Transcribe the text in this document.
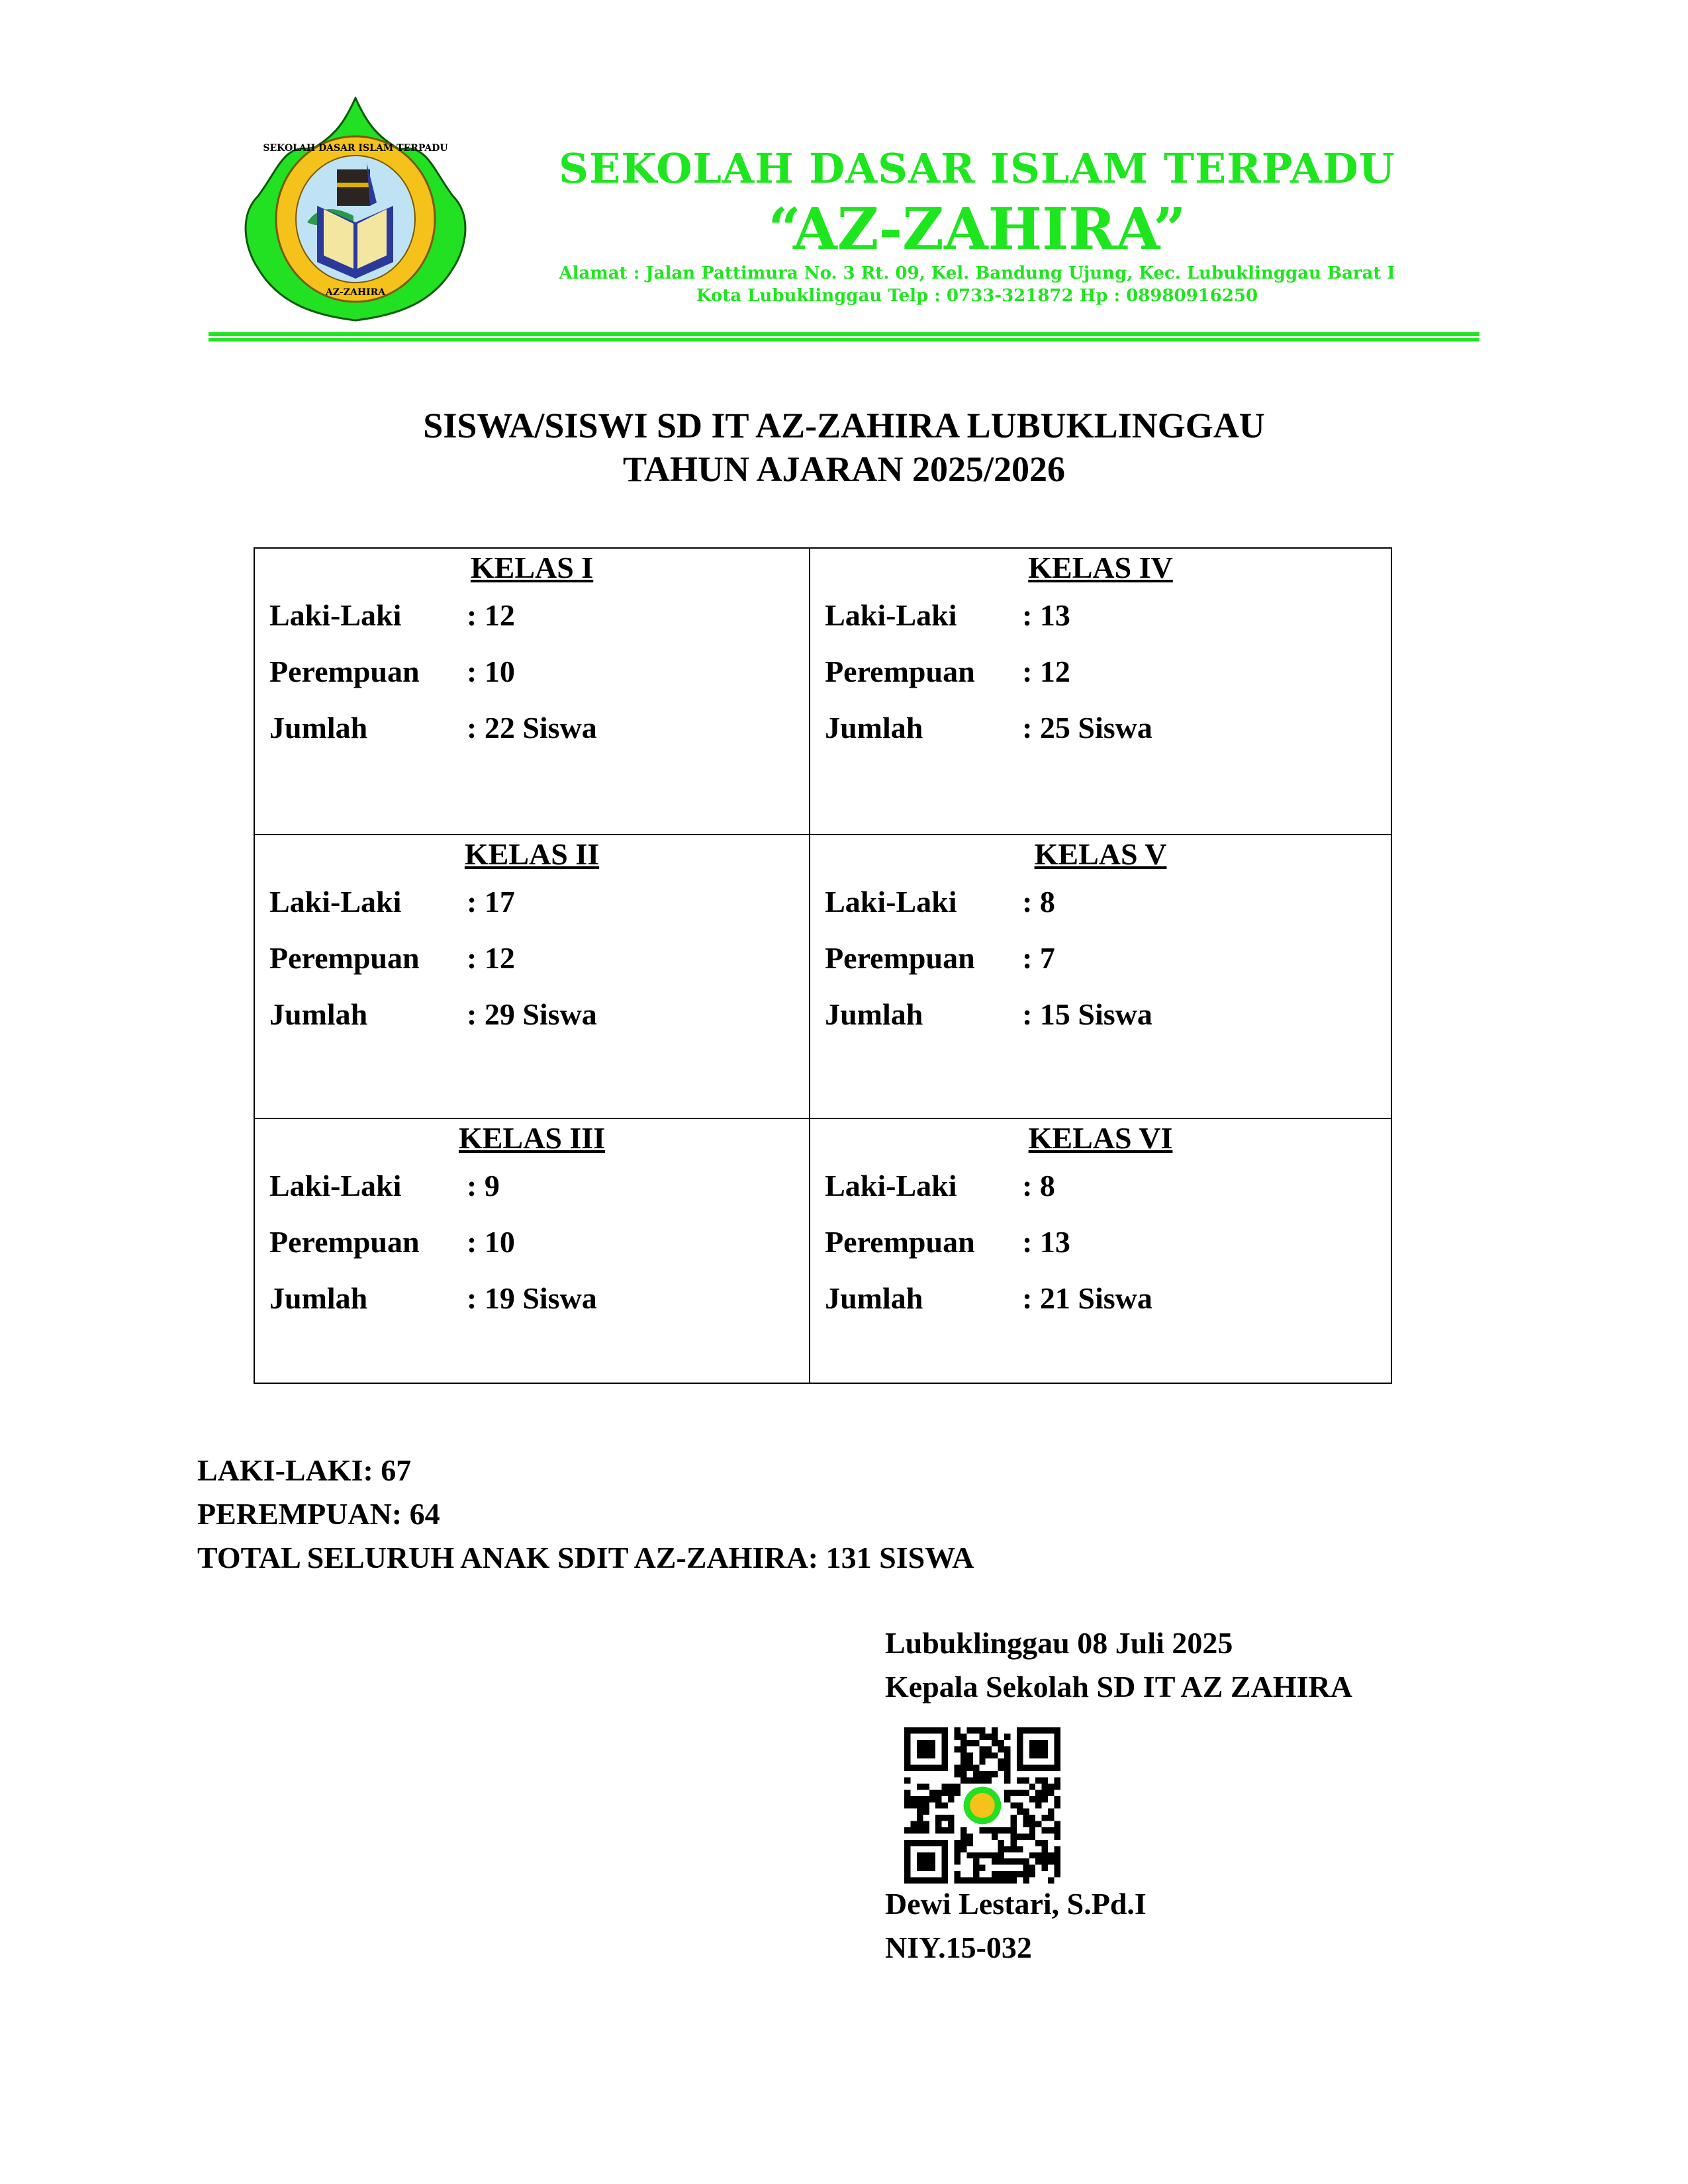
SEKOLAH DASAR ISLAM TERPADU
AZ-ZAHIRA
SEKOLAH DASAR ISLAM TERPADU
“AZ-ZAHIRA”
Alamat : Jalan Pattimura No. 3 Rt. 09, Kel. Bandung Ujung, Kec. Lubuklinggau Barat I
Kota Lubuklinggau Telp : 0733-321872 Hp : 08980916250
SISWA/SISWI SD IT AZ-ZAHIRA LUBUKLINGGAU
TAHUN AJARAN 2025/2026
KELAS I
Laki-Laki : 12
Perempuan : 10
Jumlah	: 22 Siswa

KELAS IV
Laki-Laki : 13
Perempuan : 12
Jumlah	: 25 Siswa

KELAS II
Laki-Laki : 17
Perempuan : 12
Jumlah	: 29 Siswa

KELAS V
Laki-Laki : 8
Perempuan : 7
Jumlah	: 15 Siswa

KELAS III
Laki-Laki : 9
Perempuan : 10
Jumlah	: 19 Siswa

KELAS VI
Laki-Laki : 8
Perempuan : 13
Jumlah	: 21 Siswa
LAKI-LAKI: 67
PEREMPUAN: 64
TOTAL SELURUH ANAK SDIT AZ-ZAHIRA: 131 SISWA
Lubuklinggau 08 Juli 2025
Kepala Sekolah SD IT AZ ZAHIRA
Dewi Lestari, S.Pd.I
NIY.15-032
